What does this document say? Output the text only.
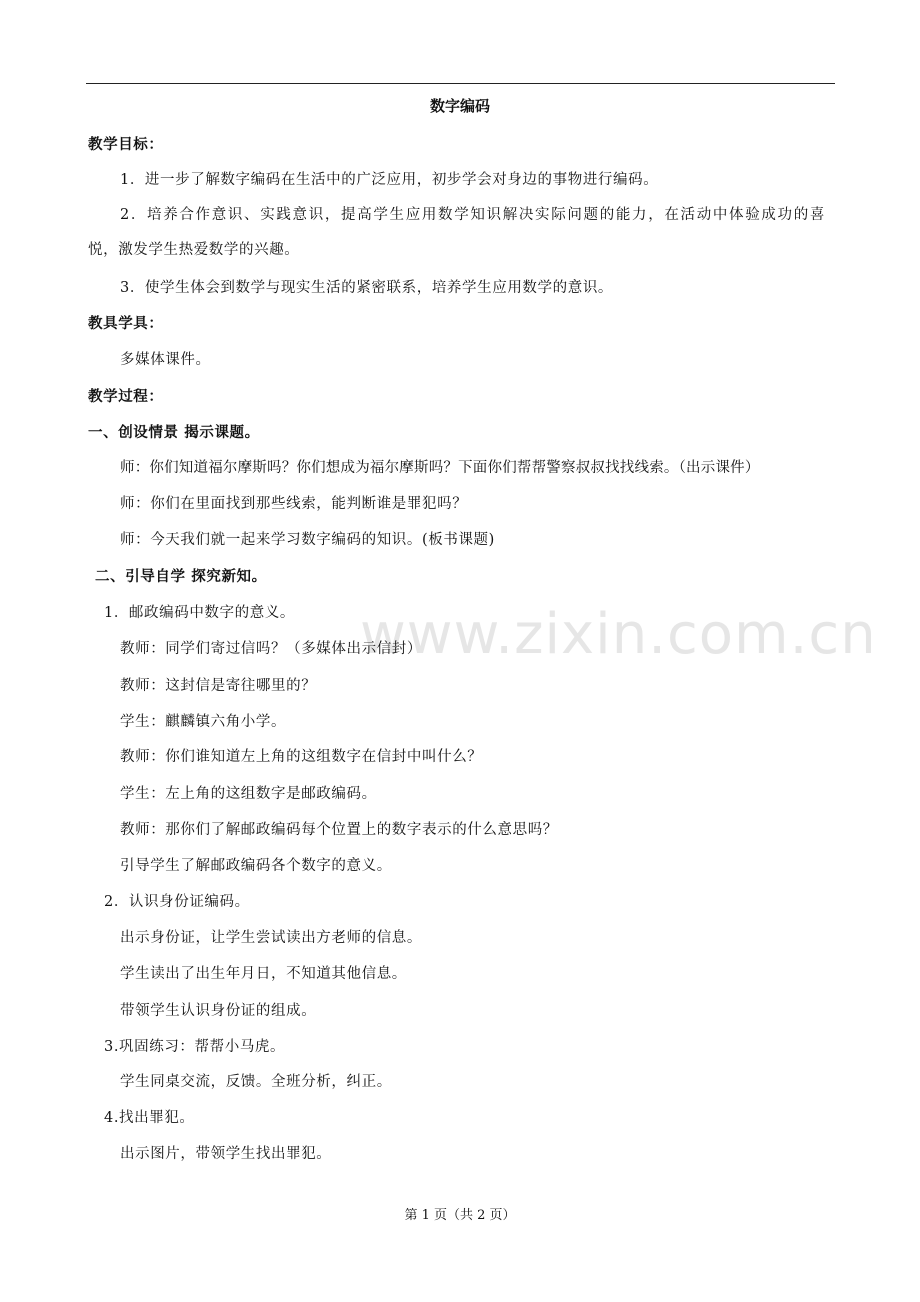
www.zixin.com.cn
数字编码
教学目标：
1．进一步了解数字编码在生活中的广泛应用，初步学会对身边的事物进行编码。
2．培养合作意识、实践意识，提高学生应用数学知识解决实际问题的能力，在活动中体验成功的喜
悦，激发学生热爱数学的兴趣。
3．使学生体会到数学与现实生活的紧密联系，培养学生应用数学的意识。
教具学具：
多媒体课件。
教学过程：
一、创设情景 揭示课题。
师：你们知道福尔摩斯吗？你们想成为福尔摩斯吗？下面你们帮帮警察叔叔找找线索。（出示课件）
师：你们在里面找到那些线索，能判断谁是罪犯吗？
师：今天我们就一起来学习数字编码的知识。(板书课题)
二、引导自学 探究新知。
1．邮政编码中数字的意义。
教师：同学们寄过信吗？（多媒体出示信封）
教师：这封信是寄往哪里的？
学生：麒麟镇六角小学。
教师：你们谁知道左上角的这组数字在信封中叫什么？
学生：左上角的这组数字是邮政编码。
教师：那你们了解邮政编码每个位置上的数字表示的什么意思吗？
引导学生了解邮政编码各个数字的意义。
2．认识身份证编码。
出示身份证，让学生尝试读出方老师的信息。
学生读出了出生年月日，不知道其他信息。
带领学生认识身份证的组成。
3.巩固练习：帮帮小马虎。
学生同桌交流，反馈。全班分析，纠正。
4.找出罪犯。
出示图片，带领学生找出罪犯。
第 1 页（共 2 页）
